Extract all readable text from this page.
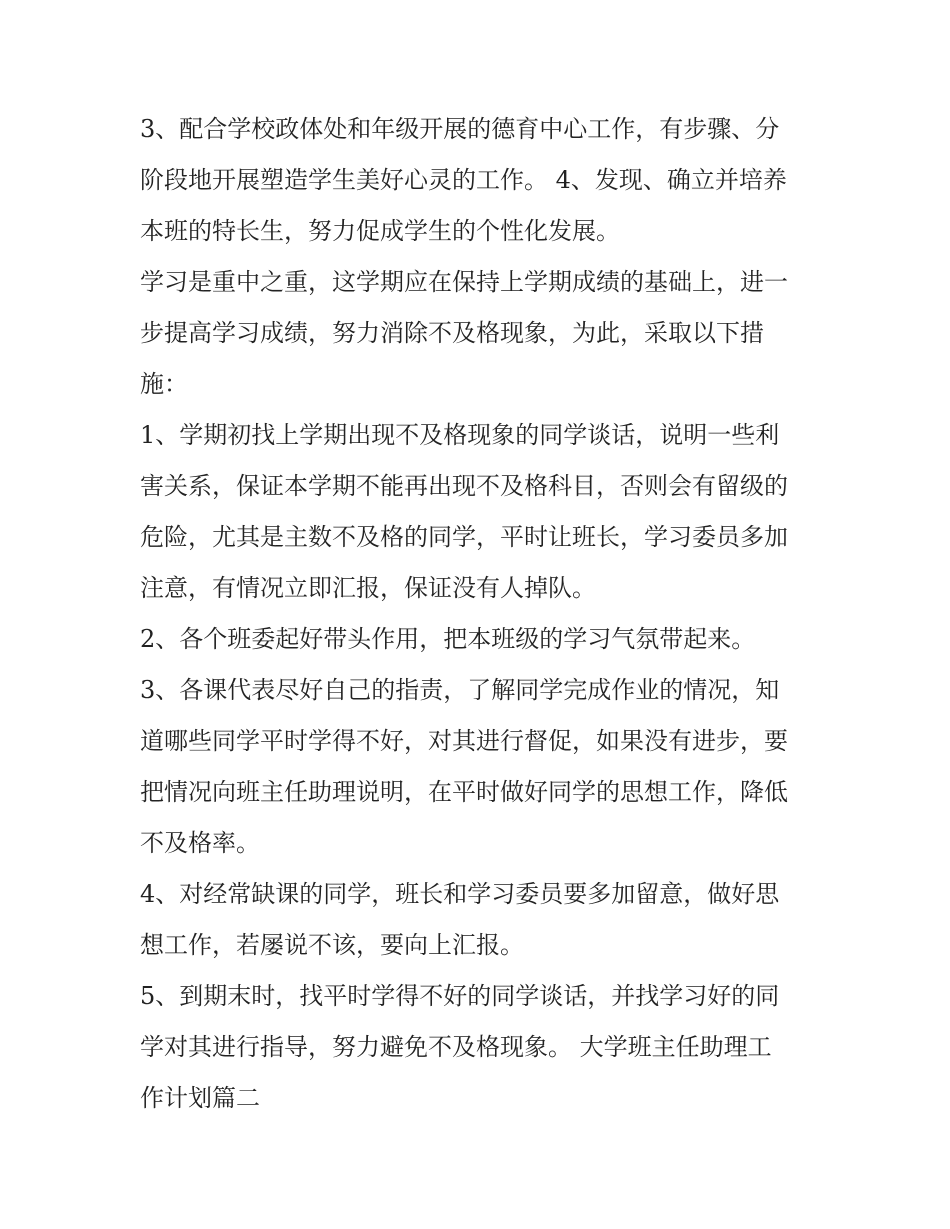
3、配合学校政体处和年级开展的德育中心工作，有步骤、分
阶段地开展塑造学生美好心灵的工作。 4、发现、确立并培养
本班的特长生，努力促成学生的个性化发展。

学习是重中之重，这学期应在保持上学期成绩的基础上，进一
步提高学习成绩，努力消除不及格现象，为此，采取以下措
施：

1、学期初找上学期出现不及格现象的同学谈话，说明一些利
害关系，保证本学期不能再出现不及格科目，否则会有留级的
危险，尤其是主数不及格的同学，平时让班长，学习委员多加
注意，有情况立即汇报，保证没有人掉队。

2、各个班委起好带头作用，把本班级的学习气氛带起来。

3、各课代表尽好自己的指责，了解同学完成作业的情况，知
道哪些同学平时学得不好，对其进行督促，如果没有进步，要
把情况向班主任助理说明，在平时做好同学的思想工作，降低
不及格率。

4、对经常缺课的同学，班长和学习委员要多加留意，做好思
想工作，若屡说不该，要向上汇报。

5、到期末时，找平时学得不好的同学谈话，并找学习好的同
学对其进行指导，努力避免不及格现象。 大学班主任助理工
作计划篇二
